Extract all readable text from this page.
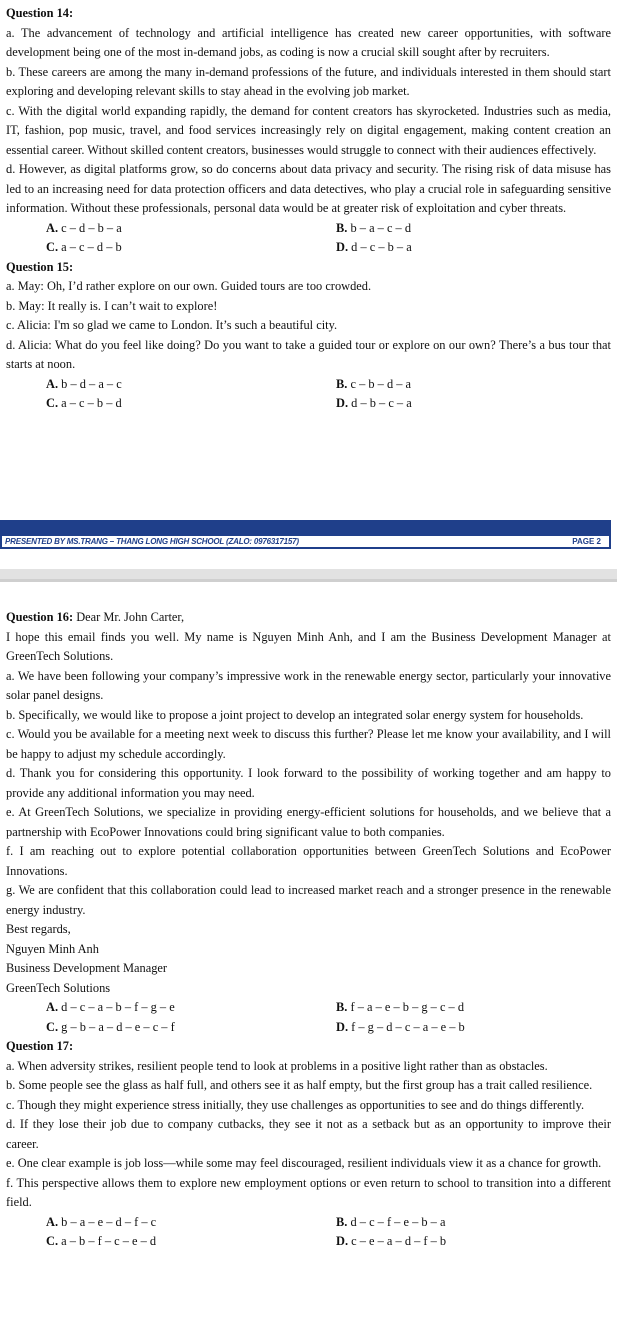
Question 14:
a. The advancement of technology and artificial intelligence has created new career opportunities, with software development being one of the most in-demand jobs, as coding is now a crucial skill sought after by recruiters.
b. These careers are among the many in-demand professions of the future, and individuals interested in them should start exploring and developing relevant skills to stay ahead in the evolving job market.
c. With the digital world expanding rapidly, the demand for content creators has skyrocketed. Industries such as media, IT, fashion, pop music, travel, and food services increasingly rely on digital engagement, making content creation an essential career. Without skilled content creators, businesses would struggle to connect with their audiences effectively.
d. However, as digital platforms grow, so do concerns about data privacy and security. The rising risk of data misuse has led to an increasing need for data protection officers and data detectives, who play a crucial role in safeguarding sensitive information. Without these professionals, personal data would be at greater risk of exploitation and cyber threats.
A. c – d – b – a	B. b – a – c – d
C. a – c – d – b	D. d – c – b – a
Question 15:
a. May: Oh, I’d rather explore on our own. Guided tours are too crowded.
b. May: It really is. I can’t wait to explore!
c. Alicia: I'm so glad we came to London. It’s such a beautiful city.
d. Alicia: What do you feel like doing? Do you want to take a guided tour or explore on our own? There’s a bus tour that starts at noon.
A. b – d – a – c	B. c – b – d – a
C. a – c – b – d	D. d – b – c – a
PRESENTED BY MS.TRANG – THANG LONG HIGH SCHOOL (ZALO: 0976317157)	PAGE 2
Question 16: Dear Mr. John Carter,
I hope this email finds you well. My name is Nguyen Minh Anh, and I am the Business Development Manager at GreenTech Solutions.
a. We have been following your company’s impressive work in the renewable energy sector, particularly your innovative solar panel designs.
b. Specifically, we would like to propose a joint project to develop an integrated solar energy system for households.
c. Would you be available for a meeting next week to discuss this further? Please let me know your availability, and I will be happy to adjust my schedule accordingly.
d. Thank you for considering this opportunity. I look forward to the possibility of working together and am happy to provide any additional information you may need.
e. At GreenTech Solutions, we specialize in providing energy-efficient solutions for households, and we believe that a partnership with EcoPower Innovations could bring significant value to both companies.
f. I am reaching out to explore potential collaboration opportunities between GreenTech Solutions and EcoPower Innovations.
g. We are confident that this collaboration could lead to increased market reach and a stronger presence in the renewable energy industry.
Best regards,
Nguyen Minh Anh
Business Development Manager
GreenTech Solutions
A. d – c – a – b – f – g – e	B. f – a – e – b – g – c – d
C. g – b – a – d – e – c – f	D. f – g – d – c – a – e – b
Question 17:
a. When adversity strikes, resilient people tend to look at problems in a positive light rather than as obstacles.
b. Some people see the glass as half full, and others see it as half empty, but the first group has a trait called resilience.
c. Though they might experience stress initially, they use challenges as opportunities to see and do things differently.
d. If they lose their job due to company cutbacks, they see it not as a setback but as an opportunity to improve their career.
e. One clear example is job loss—while some may feel discouraged, resilient individuals view it as a chance for growth.
f. This perspective allows them to explore new employment options or even return to school to transition into a different field.
A. b – a – e – d – f – c	B. d – c – f – e – b – a
C. a – b – f – c – e – d	D. c – e – a – d – f – b
